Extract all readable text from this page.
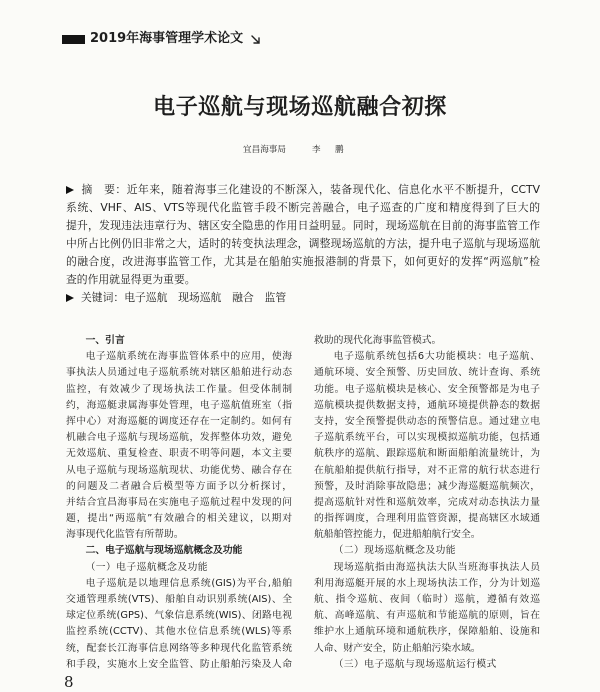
2019年海事管理学术论文
电子巡航与现场巡航融合初探
宜昌海事局	李　鹏
摘　要：近年来，随着海事三化建设的不断深入，装备现代化、信息化水平不断提升，CCTV
系统、VHF、AIS、VTS等现代化监管手段不断完善融合，电子巡查的广度和精度得到了巨大的
提升，发现违法违章行为、辖区安全隐患的作用日益明显。同时，现场巡航在目前的海事监管工作
中所占比例仍旧非常之大，适时的转变执法理念，调整现场巡航的方法，提升电子巡航与现场巡航
的融合度，改进海事监管工作，尤其是在船舶实施报港制的背景下，如何更好的发挥“两巡航”检
查的作用就显得更为重要。
关键词：电子巡航　现场巡航　融合　监管
一、引言
电子巡航系统在海事监管体系中的应用，使海
事执法人员通过电子巡航系统对辖区船舶进行动态
监控，有效减少了现场执法工作量。但受体制制
约，海巡艇隶属海事处管理，电子巡航值班室（指
挥中心）对海巡艇的调度还存在一定制约。如何有
机融合电子巡航与现场巡航，发挥整体功效，避免
无效巡航、重复检查、职责不明等问题，本文主要
从电子巡航与现场巡航现状、功能优势、融合存在
的问题及二者融合后模型等方面予以分析探讨，
并结合宜昌海事局在实施电子巡航过程中发现的问
题，提出“两巡航”有效融合的相关建议，以期对
海事现代化监管有所帮助。
二、电子巡航与现场巡航概念及功能
（一）电子巡航概念及功能
电子巡航是以地理信息系统(GIS)为平台,船舶
交通管理系统(VTS)、船舶自动识别系统(AIS)、全
球定位系统(GPS)、气象信息系统(WIS)、闭路电视
监控系统(CCTV)、其他水位信息系统(WLS)等系
统，配套长江海事信息网络等多种现代化监管系统
和手段，实施水上安全监管、防止船舶污染及人命
救助的现代化海事监管模式。
电子巡航系统包括6大功能模块：电子巡航、
通航环境、安全预警、历史回放、统计查询、系统
功能。电子巡航模块是核心、安全预警都是为电子
巡航模块提供数据支持，通航环境提供静态的数据
支持，安全预警提供动态的预警信息。通过建立电
子巡航系统平台，可以实现模拟巡航功能，包括通
航秩序的巡航、跟踪巡航和断面船舶流量统计，为
在航船舶提供航行指导，对不正常的航行状态进行
预警，及时消除事故隐患；减少海巡艇巡航频次，
提高巡航针对性和巡航效率，完成对动态执法力量
的指挥调度，合理利用监管资源，提高辖区水域通
航船舶管控能力，促进船舶航行安全。
（二）现场巡航概念及功能
现场巡航指由海巡执法大队当班海事执法人员
利用海巡艇开展的水上现场执法工作，分为计划巡
航、指令巡航、夜间（临时）巡航，遵循有效巡
航、高峰巡航、有声巡航和节能巡航的原则，旨在
维护水上通航环境和通航秩序，保障船舶、设施和
人命、财产安全，防止船舶污染水域。
（三）电子巡航与现场巡航运行模式
8
